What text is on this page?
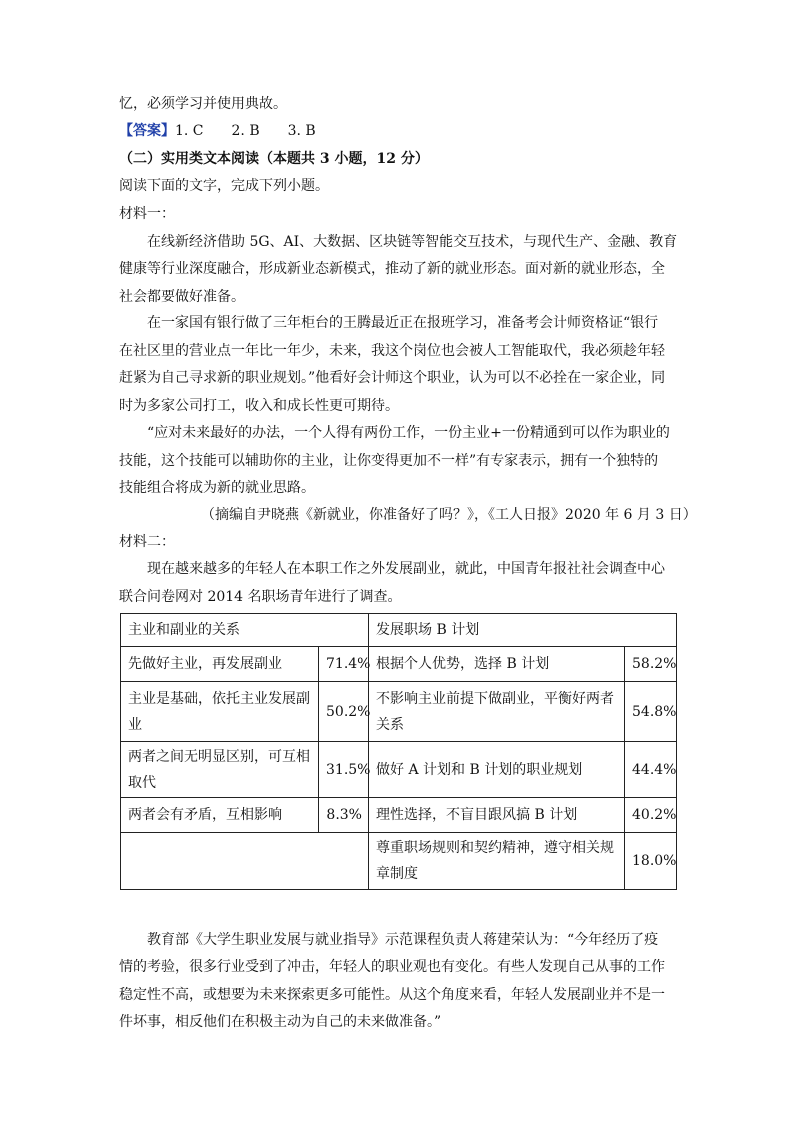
忆，必须学习并使用典故。
【答案】1. C　　2. B　　3. B
（二）实用类文本阅读（本题共 3 小题，12 分）
阅读下面的文字，完成下列小题。
材料一：
在线新经济借助 5G、AI、大数据、区块链等智能交互技术，与现代生产、金融、教育
健康等行业深度融合，形成新业态新模式，推动了新的就业形态。面对新的就业形态，全
社会都要做好准备。
在一家国有银行做了三年柜台的王腾最近正在报班学习，准备考会计师资格证“银行
在社区里的营业点一年比一年少，未来，我这个岗位也会被人工智能取代，我必须趁年轻
赶紧为自己寻求新的职业规划。”他看好会计师这个职业，认为可以不必拴在一家企业，同
时为多家公司打工，收入和成长性更可期待。
“应对未来最好的办法，一个人得有两份工作，一份主业+一份精通到可以作为职业的
技能，这个技能可以辅助你的主业，让你变得更加不一样”有专家表示，拥有一个独特的
技能组合将成为新的就业思路。
（摘编自尹晓燕《新就业，你准备好了吗？》，《工人日报》2020 年 6 月 3 日）
材料二：
现在越来越多的年轻人在本职工作之外发展副业，就此，中国青年报社社会调查中心
联合问卷网对 2014 名职场青年进行了调查。
主业和副业的关系		发展职场 B 计划	
先做好主业，再发展副业	71.4%	根据个人优势，选择 B 计划	58.2%
主业是基础，依托主业发展副业	50.2%	不影响主业前提下做副业，平衡好两者关系	54.8%
两者之间无明显区别，可互相取代	31.5%	做好 A 计划和 B 计划的职业规划	44.4%
两者会有矛盾，互相影响	8.3%	理性选择，不盲目跟风搞 B 计划	40.2%
		尊重职场规则和契约精神，遵守相关规章制度	18.0%
教育部《大学生职业发展与就业指导》示范课程负责人蒋建荣认为：“今年经历了疫
情的考验，很多行业受到了冲击，年轻人的职业观也有变化。有些人发现自己从事的工作
稳定性不高，或想要为未来探索更多可能性。从这个角度来看，年轻人发展副业并不是一
件坏事，相反他们在积极主动为自己的未来做准备。”
